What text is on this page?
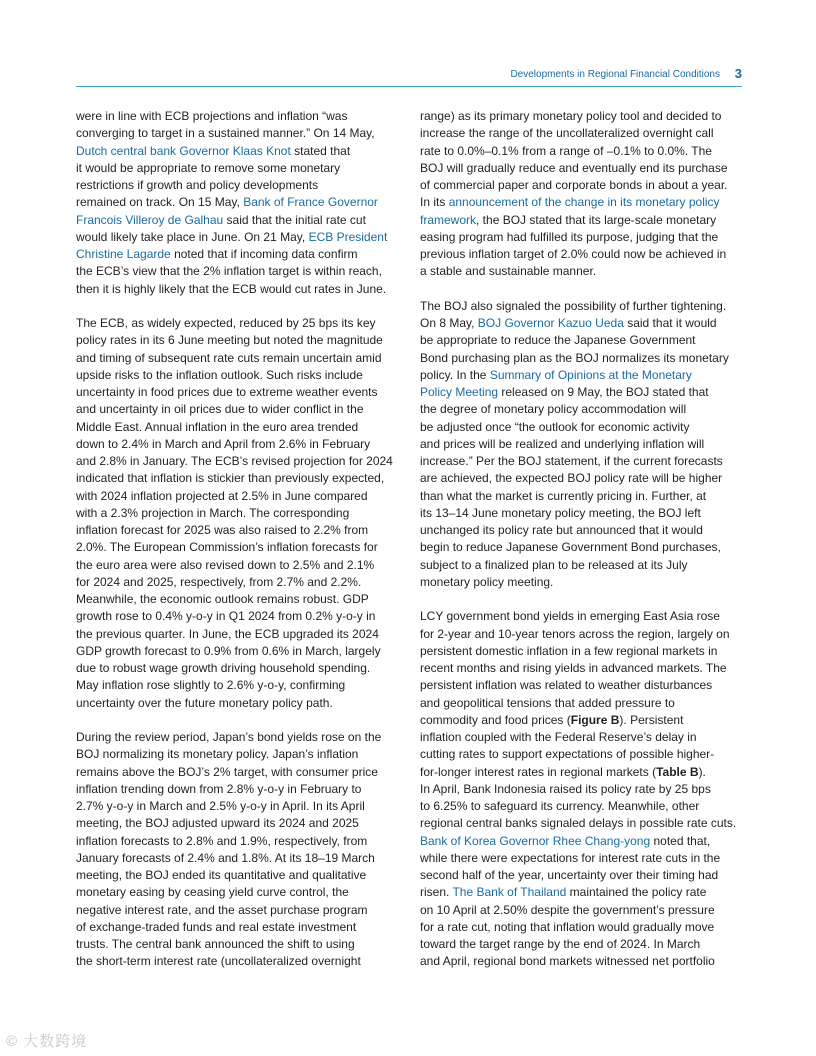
Developments in Regional Financial Conditions 3

were in line with ECB projections and inflation “was
converging to target in a sustained manner.” On 14 May,
Dutch central bank Governor Klaas Knot stated that
it would be appropriate to remove some monetary
restrictions if growth and policy developments
remained on track. On 15 May, Bank of France Governor
Francois Villeroy de Galhau said that the initial rate cut
would likely take place in June. On 21 May, ECB President
Christine Lagarde noted that if incoming data confirm
the ECB’s view that the 2% inflation target is within reach,
then it is highly likely that the ECB would cut rates in June.

The ECB, as widely expected, reduced by 25 bps its key
policy rates in its 6 June meeting but noted the magnitude
and timing of subsequent rate cuts remain uncertain amid
upside risks to the inflation outlook. Such risks include
uncertainty in food prices due to extreme weather events
and uncertainty in oil prices due to wider conflict in the
Middle East. Annual inflation in the euro area trended
down to 2.4% in March and April from 2.6% in February
and 2.8% in January. The ECB’s revised projection for 2024
indicated that inflation is stickier than previously expected,
with 2024 inflation projected at 2.5% in June compared
with a 2.3% projection in March. The corresponding
inflation forecast for 2025 was also raised to 2.2% from
2.0%. The European Commission’s inflation forecasts for
the euro area were also revised down to 2.5% and 2.1%
for 2024 and 2025, respectively, from 2.7% and 2.2%.
Meanwhile, the economic outlook remains robust. GDP
growth rose to 0.4% y-o-y in Q1 2024 from 0.2% y-o-y in
the previous quarter. In June, the ECB upgraded its 2024
GDP growth forecast to 0.9% from 0.6% in March, largely
due to robust wage growth driving household spending.
May inflation rose slightly to 2.6% y-o-y, confirming
uncertainty over the future monetary policy path.

During the review period, Japan’s bond yields rose on the
BOJ normalizing its monetary policy. Japan’s inflation
remains above the BOJ’s 2% target, with consumer price
inflation trending down from 2.8% y-o-y in February to
2.7% y-o-y in March and 2.5% y-o-y in April. In its April
meeting, the BOJ adjusted upward its 2024 and 2025
inflation forecasts to 2.8% and 1.9%, respectively, from
January forecasts of 2.4% and 1.8%. At its 18–19 March
meeting, the BOJ ended its quantitative and qualitative
monetary easing by ceasing yield curve control, the
negative interest rate, and the asset purchase program
of exchange-traded funds and real estate investment
trusts. The central bank announced the shift to using
the short-term interest rate (uncollateralized overnight

range) as its primary monetary policy tool and decided to
increase the range of the uncollateralized overnight call
rate to 0.0%–0.1% from a range of –0.1% to 0.0%. The
BOJ will gradually reduce and eventually end its purchase
of commercial paper and corporate bonds in about a year.
In its announcement of the change in its monetary policy
framework, the BOJ stated that its large-scale monetary
easing program had fulfilled its purpose, judging that the
previous inflation target of 2.0% could now be achieved in
a stable and sustainable manner.

The BOJ also signaled the possibility of further tightening.
On 8 May, BOJ Governor Kazuo Ueda said that it would
be appropriate to reduce the Japanese Government
Bond purchasing plan as the BOJ normalizes its monetary
policy. In the Summary of Opinions at the Monetary
Policy Meeting released on 9 May, the BOJ stated that
the degree of monetary policy accommodation will
be adjusted once “the outlook for economic activity
and prices will be realized and underlying inflation will
increase.” Per the BOJ statement, if the current forecasts
are achieved, the expected BOJ policy rate will be higher
than what the market is currently pricing in. Further, at
its 13–14 June monetary policy meeting, the BOJ left
unchanged its policy rate but announced that it would
begin to reduce Japanese Government Bond purchases,
subject to a finalized plan to be released at its July
monetary policy meeting.

LCY government bond yields in emerging East Asia rose
for 2-year and 10-year tenors across the region, largely on
persistent domestic inflation in a few regional markets in
recent months and rising yields in advanced markets. The
persistent inflation was related to weather disturbances
and geopolitical tensions that added pressure to
commodity and food prices (Figure B). Persistent
inflation coupled with the Federal Reserve’s delay in
cutting rates to support expectations of possible higher-
for-longer interest rates in regional markets (Table B).
In April, Bank Indonesia raised its policy rate by 25 bps
to 6.25% to safeguard its currency. Meanwhile, other
regional central banks signaled delays in possible rate cuts.
Bank of Korea Governor Rhee Chang-yong noted that,
while there were expectations for interest rate cuts in the
second half of the year, uncertainty over their timing had
risen. The Bank of Thailand maintained the policy rate
on 10 April at 2.50% despite the government’s pressure
for a rate cut, noting that inflation would gradually move
toward the target range by the end of 2024. In March
and April, regional bond markets witnessed net portfolio

© 大数跨境
